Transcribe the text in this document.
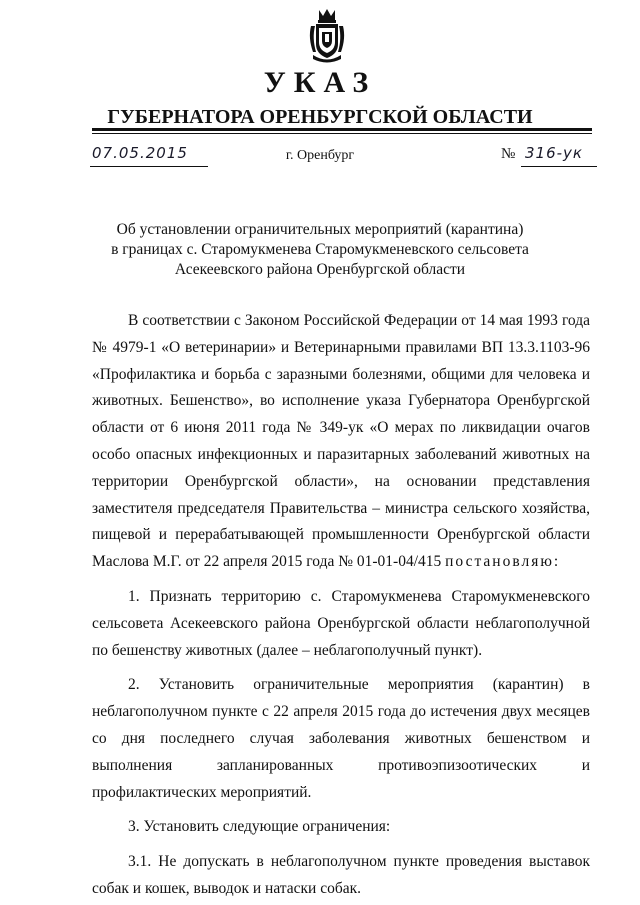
УКАЗ
ГУБЕРНАТОРА ОРЕНБУРГСКОЙ ОБЛАСТИ
07.05.2015	г. Оренбург	№ 316-ук
Об установлении ограничительных мероприятий (карантина)
в границах с. Старомукменева Старомукменевского сельсовета
Асекеевского района Оренбургской области

В соответствии с Законом Российской Федерации от 14 мая 1993 года № 4979-1 «О ветеринарии» и Ветеринарными правилами ВП 13.3.1103-96 «Профилактика и борьба с заразными болезнями, общими для человека и животных. Бешенство», во исполнение указа Губернатора Оренбургской области от 6 июня 2011 года № 349-ук «О мерах по ликвидации очагов особо опасных инфекционных и паразитарных заболеваний животных на территории Оренбургской области», на основании представления заместителя председателя Правительства – министра сельского хозяйства, пищевой и перерабатывающей промышленности Оренбургской области Маслова М.Г. от 22 апреля 2015 года № 01-01-04/415 постановляю:

1. Признать территорию с. Старомукменева Старомукменевского сельсовета Асекеевского района Оренбургской области неблагополучной по бешенству животных (далее – неблагополучный пункт).

2. Установить ограничительные мероприятия (карантин) в неблагополучном пункте с 22 апреля 2015 года до истечения двух месяцев со дня последнего случая заболевания животных бешенством и выполнения запланированных противоэпизоотических и профилактических мероприятий.

3. Установить следующие ограничения:

3.1. Не допускать в неблагополучном пункте проведения выставок собак и кошек, выводок и натаски собак.
